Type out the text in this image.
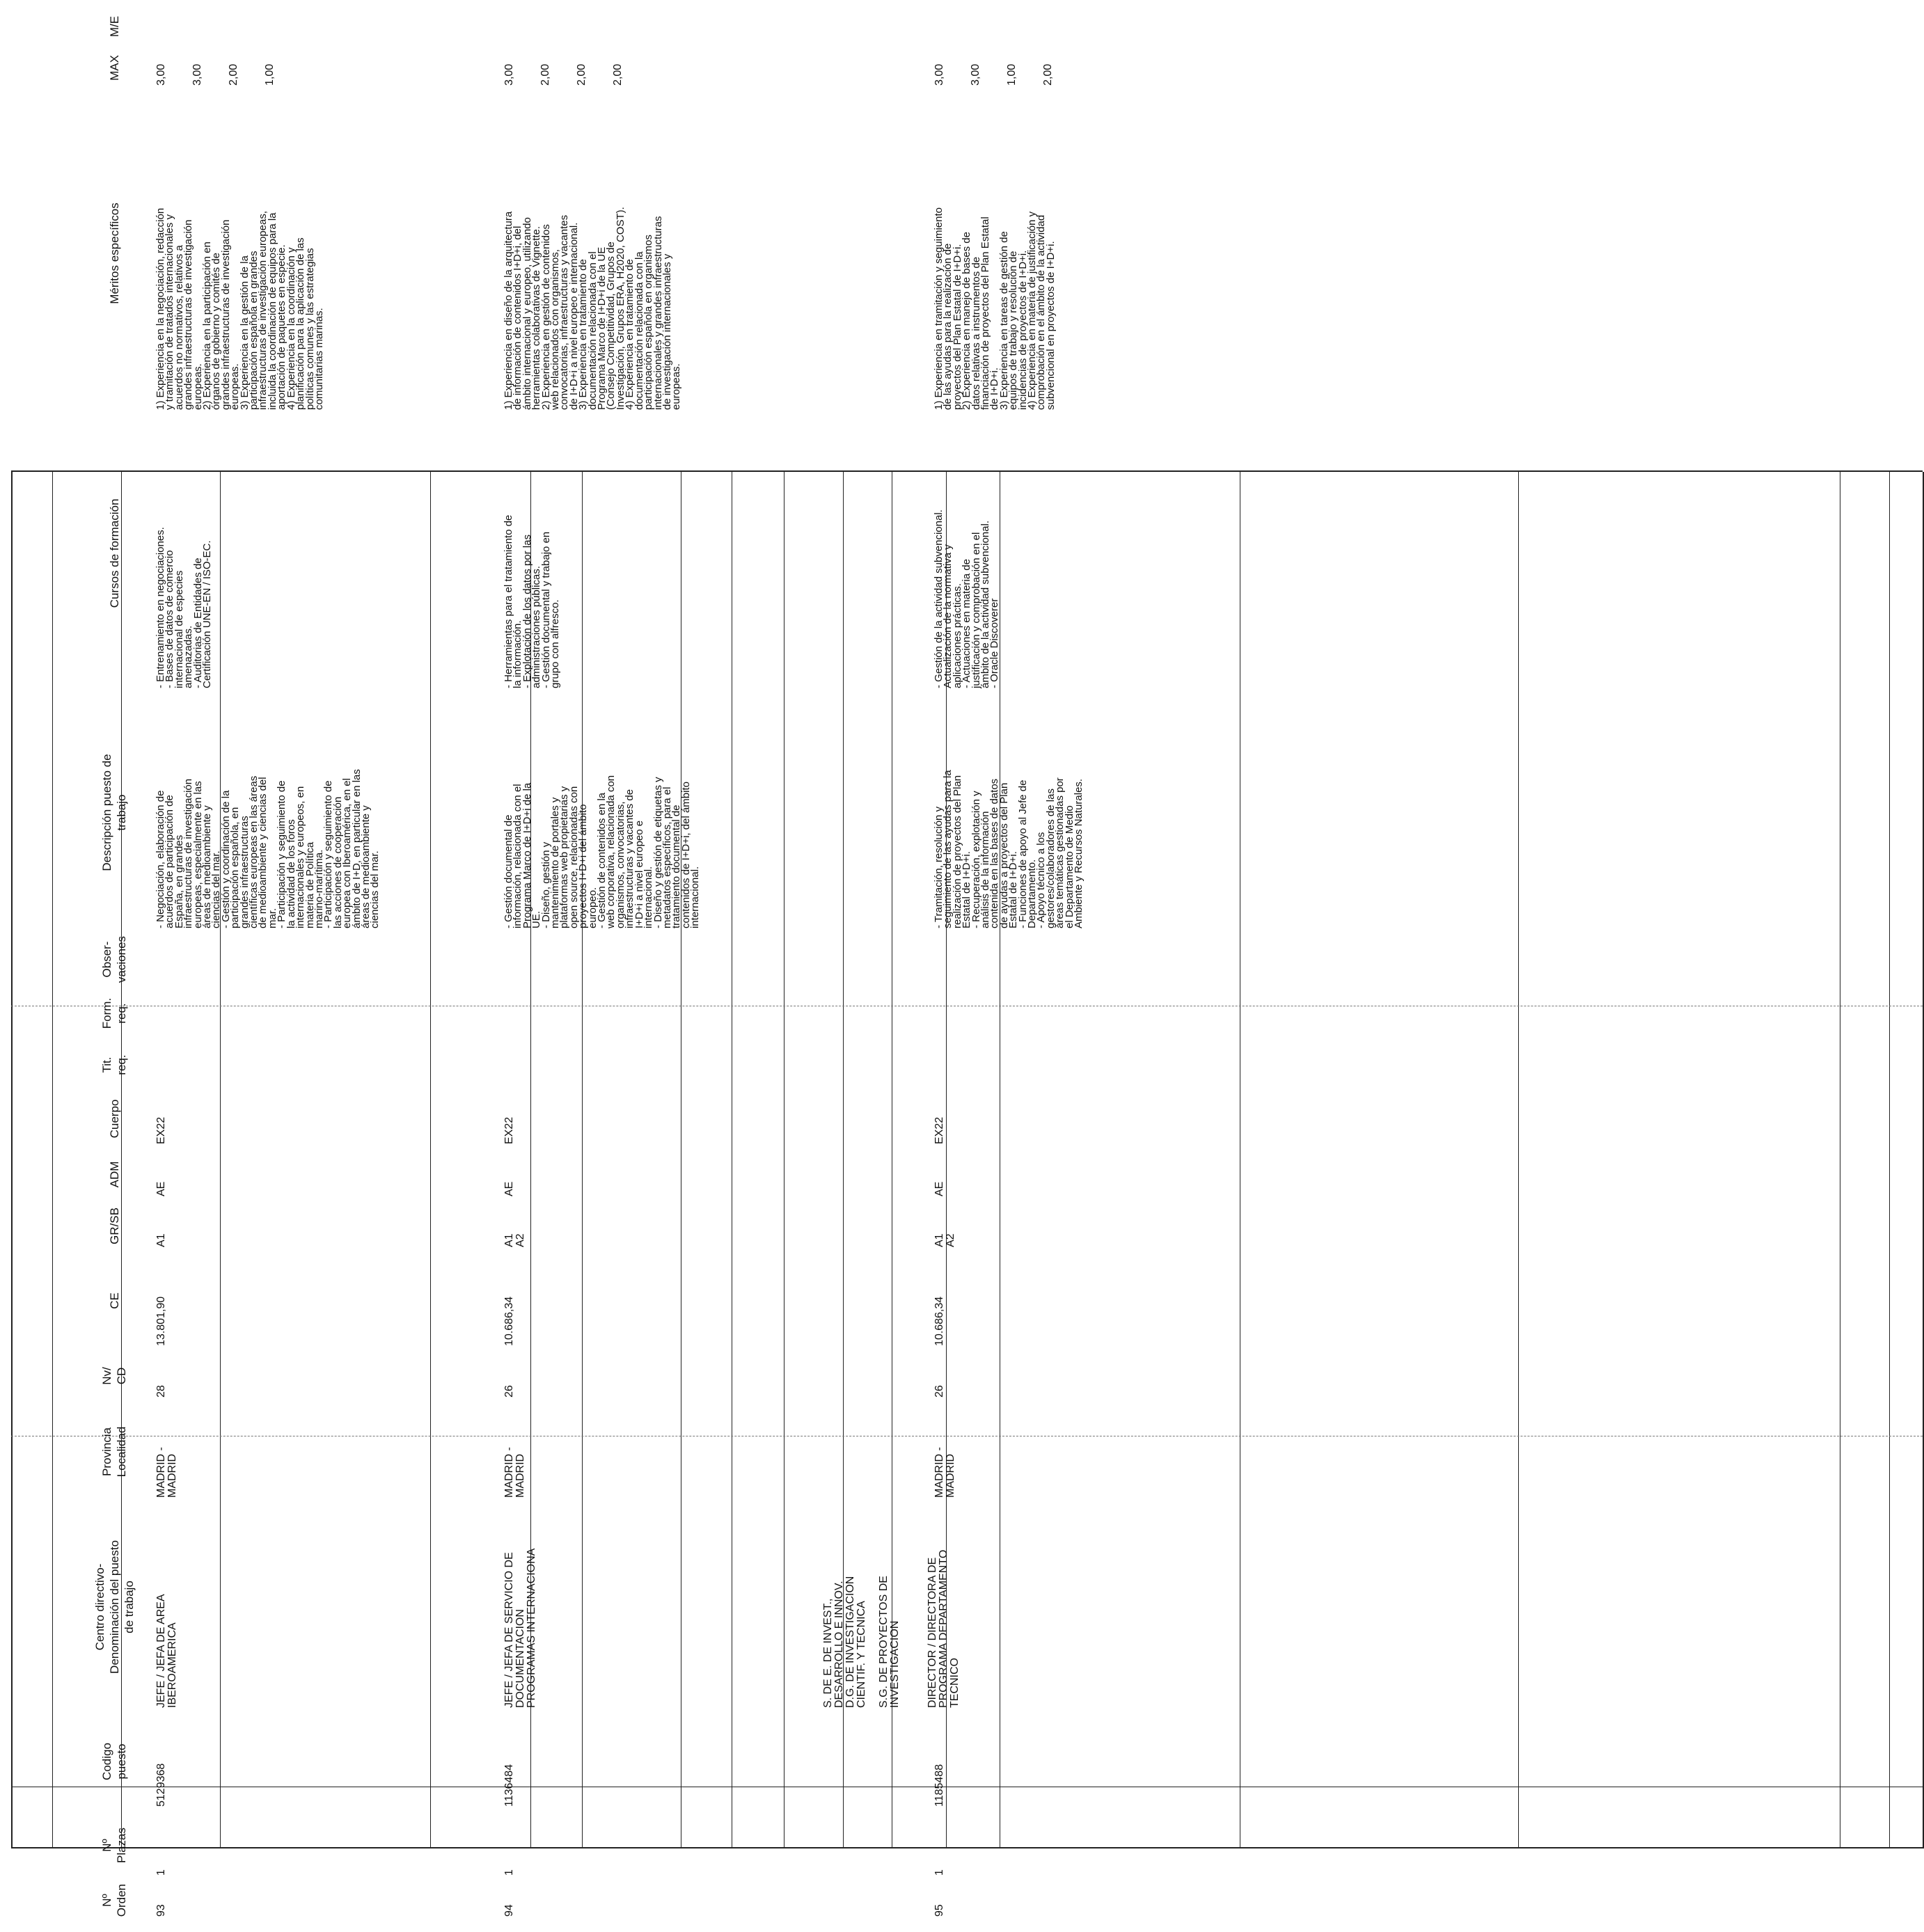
Nº
Orden
Nº
Plazas
Codigo
puesto
Centro directivo-
Denominación del puesto
de trabajo
Provincia
Localidad
Nv/
CD
CE
GR/SB
ADM
Cuerpo
Tit.
req.
Form.
req.
Obser-
vaciones
Descripción puesto de
trabajo
Cursos de formación
Méritos específicos
MAX
M/E
93
1
5129368
JEFE / JEFA DE AREA
IBEROAMERICA
MADRID -
MADRID
28
13.801,90
A1
AE
EX22
- Negociación, elaboración de
acuerdos de participación de
España, en grandes
infraestructuras de investigación
europeas, especialmente en las
áreas de medioambiente y
ciencias del mar.
- Gestión y coordinación de la
participación española, en
grandes infraestructuras
científicas europeas en las áreas
de medioambiente y ciencias del
mar.
- Participación y seguimiento de
la actividad de los foros
internacionales y europeos, en
materia de Política
marino-marítima.
- Participación y seguimiento de
las acciones de cooperación
europea con Iberoamérica, en el
ámbito de I+D, en particular en las
áreas de medioambiente y
ciencias del mar.
- Entrenamiento en negociaciones.
- Bases de datos de comercio
internacional de especies
amenazadas.
- Auditorias de Entidades de
Certificación UNE-EN / ISO-EC.
1) Experiencia en la negociación, redacción
y tramitación de tratados internacionales y
acuerdos no normativos, relativos a
grandes infraestructuras de investigación
europeas.
2) Experiencia en la participación en
órganos de gobierno y comités de
grandes infraestructuras de investigación
europeas.
3) Experiencia en la gestión de la
participación española en grandes
infraestructuras de investigación europeas,
incluida la coordinación de equipos para la
aportación de paquetes en especie.
4) Experiencia en la coordinación y
planificación para la aplicación de las
políticas comunes y las estrategias
comunitarias marinas.
3,00 3,00 2,00 1,00
94
1
1136484
JEFE / JEFA DE SERVICIO DE
DOCUMENTACION
PROGRAMAS INTERNACIONA
MADRID -
MADRID
26
10.686,34
A1
A2
AE
EX22
- Gestión documental de
información, relacionada con el
Programa Marco de I+D+i de la
UE.
- Diseño, gestión y
mantenimiento de portales y
plataformas web propietarias y
open source, relacionadas con
proyectos I+D+i del ámbito
europeo.
- Gestión de contenidos en la
web corporativa, relacionada con
organismos, convocatorias,
infraestructuras y vacantes de
I+D+i a nivel europeo e
internacional.
- Diseño y gestión de etiquetas y
metadatos específicos, para el
tratamiento documental de
contenidos de I+D+i, del ámbito
internacional.
- Herramientas para el tratamiento de
la información.
- Explotación de los datos por las
administraciones públicas.
- Gestión documental y trabajo en
grupo con alfresco.
1) Experiencia en diseño de la arquitectura
de información de contenidos I+D+i, del
ámbito internacional y europeo, utilizando
herramientas colaborativas de Vignette.
2) Experiencia en gestión de contenidos
web relacionados con organismos,
convocatorias, infraestructuras y vacantes
de I+D+i a nivel europeo e internacional.
3) Experiencia en tratamiento de
documentación relacionada con el
Programa Marco de I+D+i de la UE
(Consejo Competitividad, Grupos de
Investigación, Grupos ERA, H2020, COST).
4) Experiencia en tratamiento de
documentación relacionada con la
participación española en organismos
internacionales y grandes infraestructuras
de investigación internacionales y
europeas.
3,00 2,00 2,00 2,00
95
1
1185488
DIRECTOR / DIRECTORA DE
PROGRAMA DEPARTAMENTO
TECNICO
MADRID -
MADRID
26
10.686,34
A1
A2
AE
EX22
- Tramitación, resolución y
seguimiento de las ayudas para la
realización de proyectos del Plan
Estatal de I+D+i.
- Recuperación, explotación y
análisis de la información
contenida en las bases de datos
de ayudas a proyectos del Plan
Estatal de I+D+i.
- Funciones de apoyo al Jefe de
Departamento.
- Apoyo técnico a los
gestores/colaboradores de las
áreas temáticas gestionadas por
el Departamento de Medio
Ambiente y Recursos Naturales.
- Gestión de la actividad subvencional.
Actualización de la normativa y
aplicaciones prácticas.
- Actuaciones en materia de
justificación y comprobación en el
ámbito de la actividad subvencional.
- Oracle Discoverer
1) Experiencia en tramitación y seguimiento
de las ayudas para la realización de
proyectos del Plan Estatal de I+D+i.
2) Experiencia en manejo de bases de
datos relativas a instrumentos de
financiación de proyectos del Plan Estatal
de I+D+i.
3) Experiencia en tareas de gestión de
equipos de trabajo y resolución de
incidencias de proyectos de I+D+i.
4) Experiencia en materia de justificación y
comprobación en el ámbito de la actividad
subvencional en proyectos de I+D+i.
3,00 3,00 1,00 2,00
S. DE E. DE INVEST.,
DESARROLLO E INNOV.
D.G. DE INVESTIGACION
CIENTIF. Y TECNICA

S.G. DE PROYECTOS DE
INVESTIGACION
